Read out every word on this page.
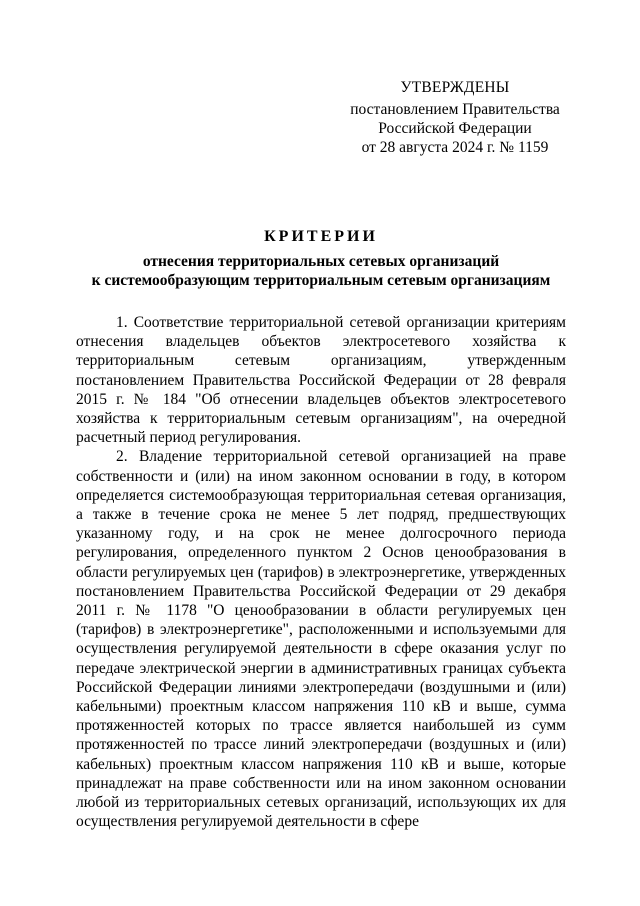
УТВЕРЖДЕНЫ
постановлением Правительства
Российской Федерации
от 28 августа 2024 г. № 1159
КРИТЕРИИ
отнесения территориальных сетевых организаций
к системообразующим территориальным сетевым организациям

1. Соответствие территориальной сетевой организации критериям отнесения владельцев объектов электросетевого хозяйства к территориальным сетевым организациям, утвержденным постановлением Правительства Российской Федерации от 28 февраля 2015 г. № 184 "Об отнесении владельцев объектов электросетевого хозяйства к территориальным сетевым организациям", на очередной расчетный период регулирования.

2. Владение территориальной сетевой организацией на праве собственности и (или) на ином законном основании в году, в котором определяется системообразующая территориальная сетевая организация, а также в течение срока не менее 5 лет подряд, предшествующих указанному году, и на срок не менее долгосрочного периода регулирования, определенного пунктом 2 Основ ценообразования в области регулируемых цен (тарифов) в электроэнергетике, утвержденных постановлением Правительства Российской Федерации от 29 декабря 2011 г. № 1178 "О ценообразовании в области регулируемых цен (тарифов) в электроэнергетике", расположенными и используемыми для осуществления регулируемой деятельности в сфере оказания услуг по передаче электрической энергии в административных границах субъекта Российской Федерации линиями электропередачи (воздушными и (или) кабельными) проектным классом напряжения 110 кВ и выше, сумма протяженностей которых по трассе является наибольшей из сумм протяженностей по трассе линий электропередачи (воздушных и (или) кабельных) проектным классом напряжения 110 кВ и выше, которые принадлежат на праве собственности или на ином законном основании любой из территориальных сетевых организаций, использующих их для осуществления регулируемой деятельности в сфере
